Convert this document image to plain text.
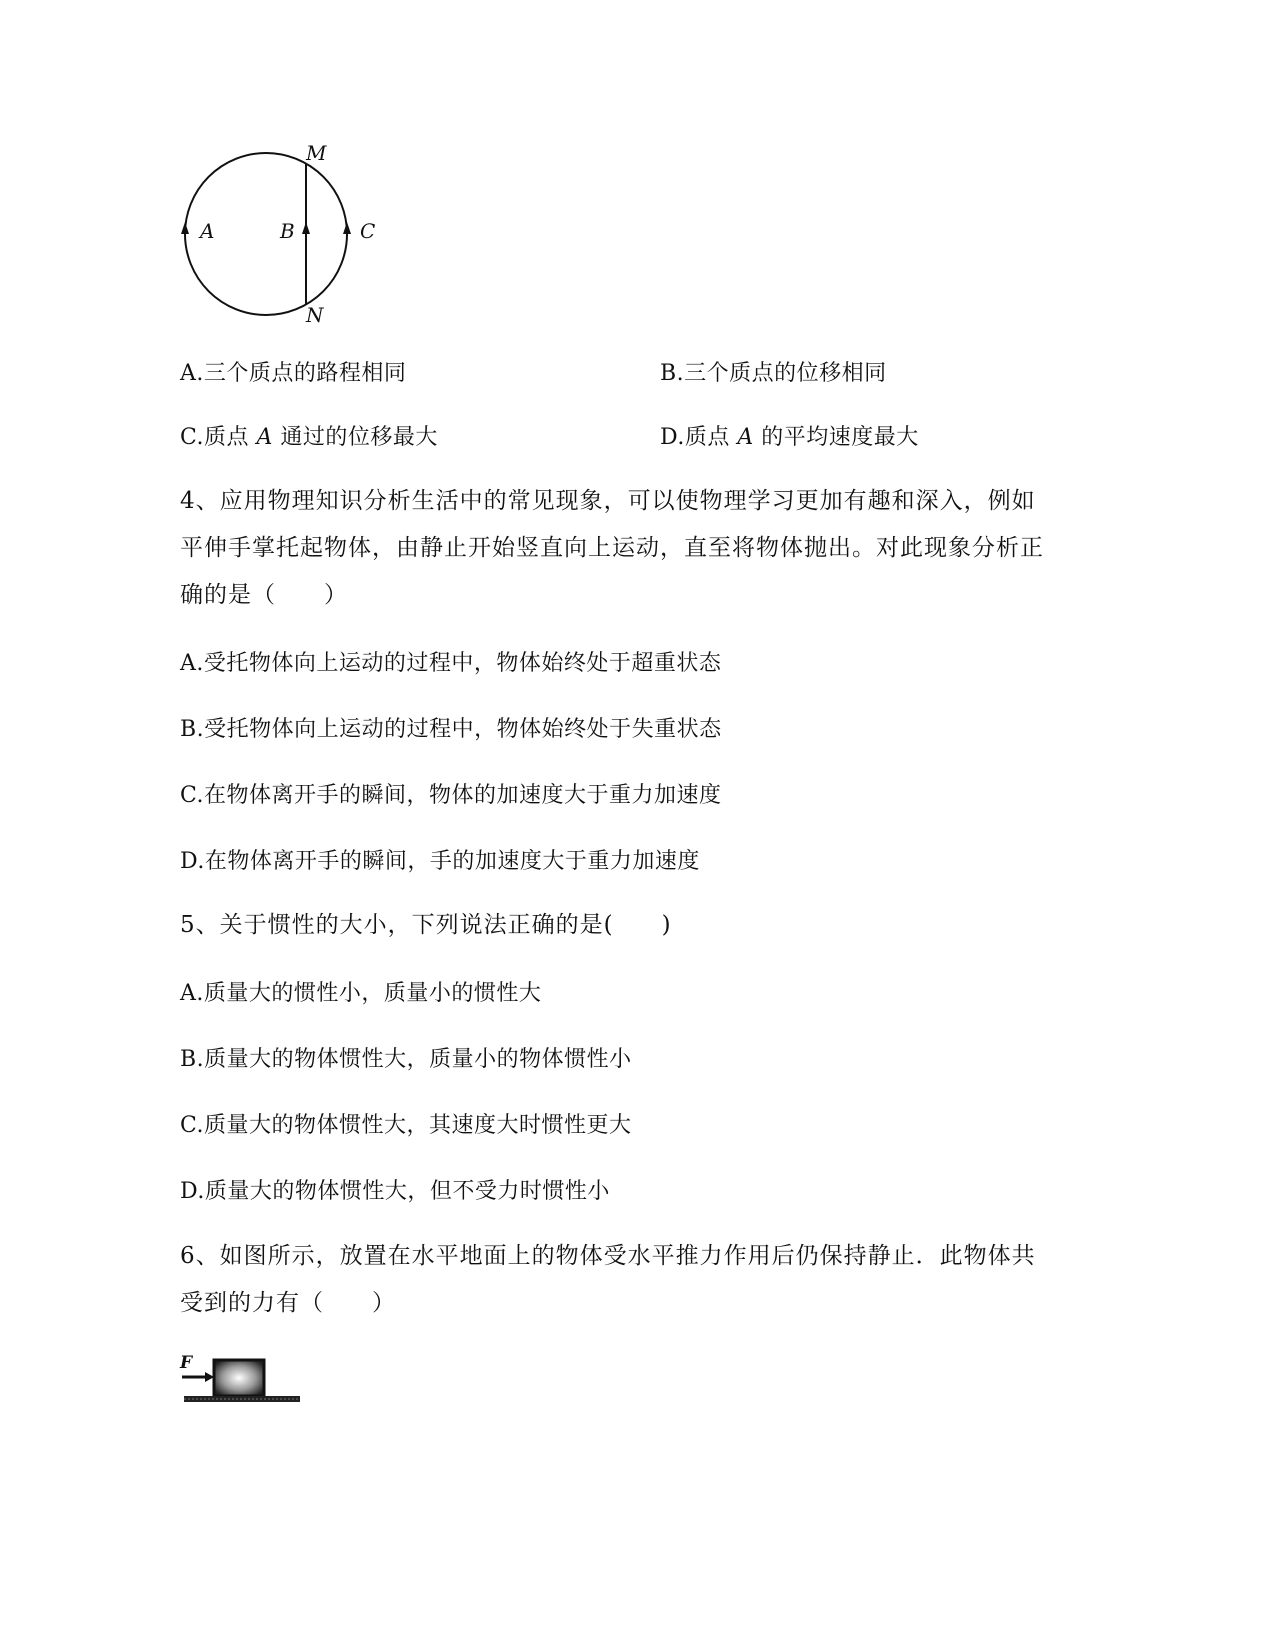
M
N
A	B	C
A.三个质点的路程相同	B.三个质点的位移相同
C.质点 A 通过的位移最大	D.质点 A 的平均速度最大
4、应用物理知识分析生活中的常见现象，可以使物理学习更加有趣和深入，例如
平伸手掌托起物体，由静止开始竖直向上运动，直至将物体抛出。对此现象分析正
确的是（　　）
A.受托物体向上运动的过程中，物体始终处于超重状态
B.受托物体向上运动的过程中，物体始终处于失重状态
C.在物体离开手的瞬间，物体的加速度大于重力加速度
D.在物体离开手的瞬间，手的加速度大于重力加速度
5、关于惯性的大小，下列说法正确的是(　　)
A.质量大的惯性小，质量小的惯性大
B.质量大的物体惯性大，质量小的物体惯性小
C.质量大的物体惯性大，其速度大时惯性更大
D.质量大的物体惯性大，但不受力时惯性小
6、如图所示，放置在水平地面上的物体受水平推力作用后仍保持静止．此物体共
受到的力有（　　）
F
